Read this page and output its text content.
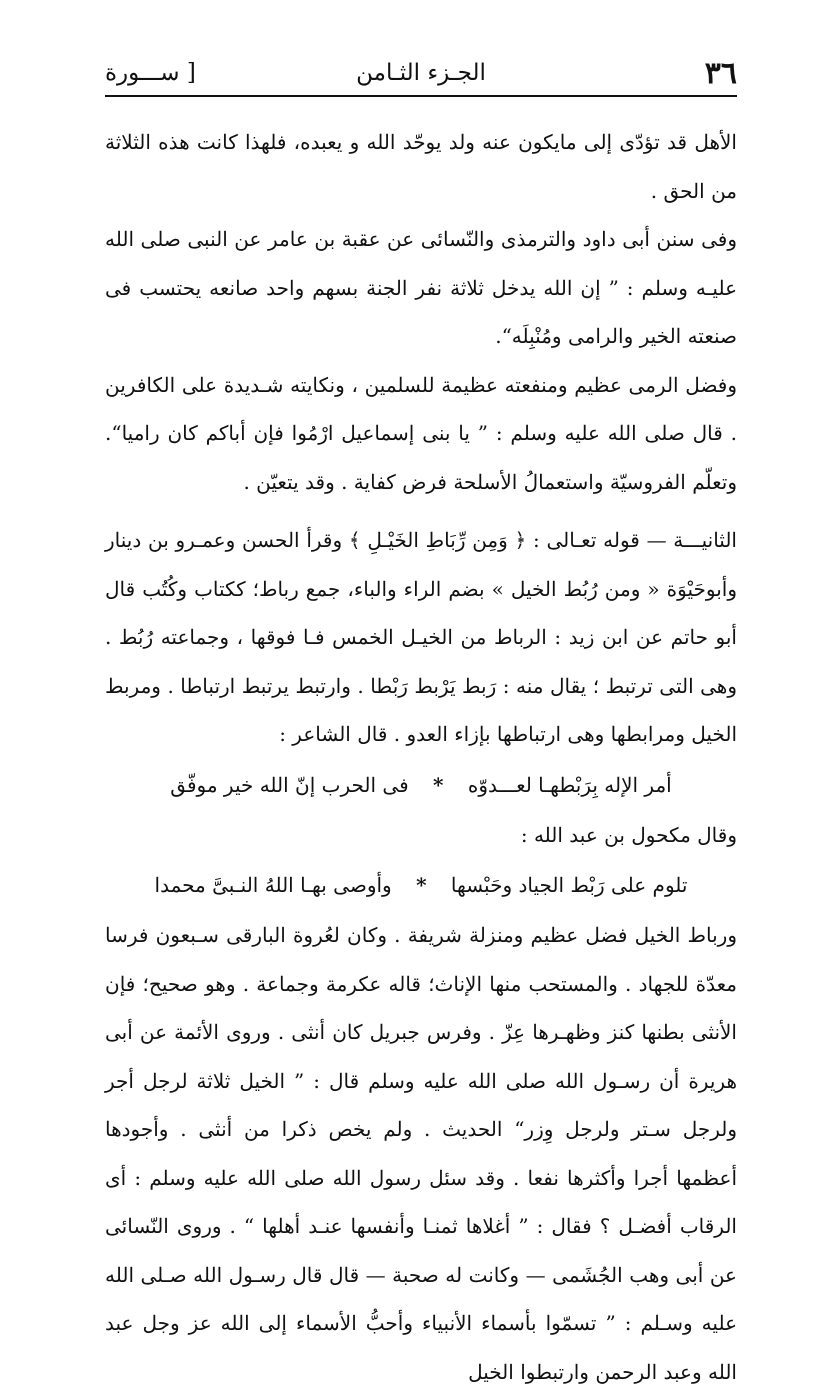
٣٦
الجـزء الثـامن
[ ســـورة

الأهل قد تؤدّى إلى مايكون عنه ولد يوحّد الله و يعبده، فلهذا كانت هذه الثلاثة من الحق .

وفى سنن أبى داود والترمذى والنّسائى عن عقبة بن عامر عن النبى صلى الله عليـه وسلم : ” إن الله يدخل ثلاثة نفر الجنة بسهم واحد صانعه يحتسب فى صنعته الخير والرامى ومُنْبِلَه“.

وفضل الرمى عظيم ومنفعته عظيمة للسلمين ، ونكايته شـديدة على الكافرين . قال صلى الله عليه وسلم : ” يا بنى إسماعيل ارْمُوا فإن أباكم كان راميا“. وتعلّم الفروسيّة واستعمالُ الأسلحة فرض كفاية . وقد يتعيّن .

الثانيـــة — قوله تعـالى : ﴿ وَمِن رِّبَاطِ الخَيْـلِ ﴾ وقرأ الحسن وعمـرو بن دينار وأبوحَيْوَة « ومن رُبُط الخيل » بضم الراء والباء، جمع رباط؛ ككتاب وكُتُب قال أبو حاتم عن ابن زيد : الرباط من الخيـل الخمس فـا فوقها ، وجماعته رُبُط . وهى التى ترتبط ؛ يقال منه : رَبط يَرْبط رَبْطا . وارتبط يرتبط ارتباطا . ومربط الخيل ومرابطها وهى ارتباطها بإزاء العدو . قال الشاعر :

أمر الإله بِرَبْطهـا لعـــدوّه * فى الحرب إنّ الله خير موفّق

وقال مكحول بن عبد الله :

تلوم على رَبْط الجياد وحَبْسها * وأوصى بهـا اللهُ النـبىَّ محمدا

ورباط الخيل فضل عظيم ومنزلة شريفة . وكان لعُروة البارقى سـبعون فرسا معدّة للجهاد . والمستحب منها الإناث؛ قاله عكرمة وجماعة . وهو صحيح؛ فإن الأنثى بطنها كنز وظهـرها عِزّ . وفرس جبريل كان أنثى . وروى الأئمة عن أبى هريرة أن رسـول الله صلى الله عليه وسلم قال : ” الخيل ثلاثة لرجل أجر ولرجل سـتر ولرجل وِزر“ الحديث . ولم يخص ذكرا من أنثى . وأجودها أعظمها أجرا وأكثرها نفعا . وقد سئل رسول الله صلى الله عليه وسلم : أى الرقاب أفضـل ؟ فقال : ” أغلاها ثمنـا وأنفسها عنـد أهلها “ . وروى النّسائى عن أبى وهب الجُشَمى — وكانت له صحبة — قال قال رسـول الله صـلى الله عليه وسـلم : ” تسمّوا بأسماء الأنبياء وأحبُّ الأسماء إلى الله عز وجل عبد الله وعبد الرحمن وارتبطوا الخيل
